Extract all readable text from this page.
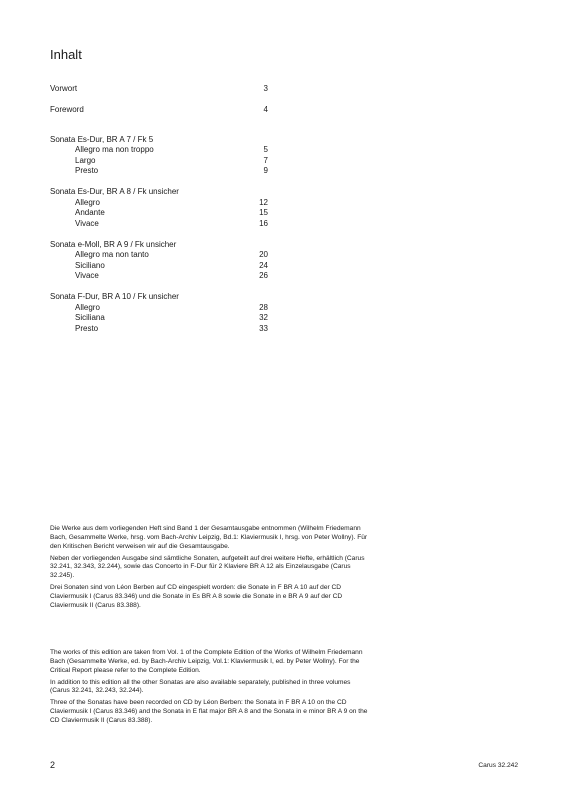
Inhalt
Vorwort	3
Foreword	4
Sonata Es-Dur, BR A 7 / Fk 5
Allegro ma non troppo	5
Largo	7
Presto	9
Sonata Es-Dur, BR A 8 / Fk unsicher
Allegro	12
Andante	15
Vivace	16
Sonata e-Moll, BR A 9 / Fk unsicher
Allegro ma non tanto	20
Siciliano	24
Vivace	26
Sonata F-Dur, BR A 10 / Fk unsicher
Allegro	28
Siciliana	32
Presto	33

Die Werke aus dem vorliegenden Heft sind Band 1 der Gesamtausgabe entnommen (Wilhelm Friedemann Bach, Gesammelte Werke, hrsg. vom Bach-Archiv Leipzig, Bd.1: Klaviermusik I, hrsg. von Peter Wollny). Für den Kritischen Bericht verweisen wir auf die Gesamtausgabe.

Neben der vorliegenden Ausgabe sind sämtliche Sonaten, aufgeteilt auf drei weitere Hefte, erhältlich (Carus 32.241, 32.343, 32.244), sowie das Concerto in F-Dur für 2 Klaviere BR A 12 als Einzelausgabe (Carus 32.245).

Drei Sonaten sind von Léon Berben auf CD eingespielt worden: die Sonate in F BR A 10 auf der CD Claviermusik I (Carus 83.346) und die Sonate in Es BR A 8 sowie die Sonate in e BR A 9 auf der CD Claviermusik II (Carus 83.388).

The works of this edition are taken from Vol. 1 of the Complete Edition of the Works of Wilhelm Friedemann Bach (Gesammelte Werke, ed. by Bach-Archiv Leipzig, Vol.1: Klaviermusik I, ed. by Peter Wollny). For the Critical Report please refer to the Complete Edition.

In addition to this edition all the other Sonatas are also available separately, published in three volumes (Carus 32.241, 32.243, 32.244).

Three of the Sonatas have been recorded on CD by Léon Berben: the Sonata in F BR A 10 on the CD Claviermusik I (Carus 83.346) and the Sonata in E flat major BR A 8 and the Sonata in e minor BR A 9 on the CD Claviermusik II (Carus 83.388).

2	Carus 32.242
